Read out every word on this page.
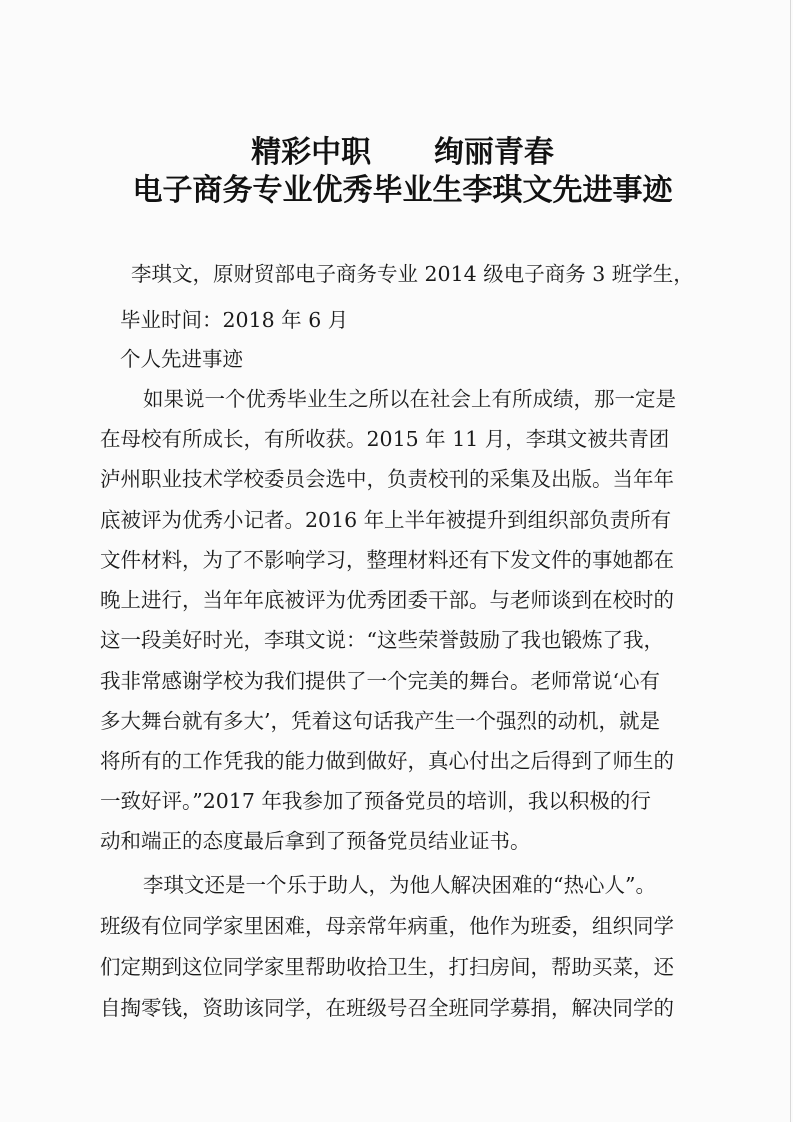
精彩中职      绚丽青春
电子商务专业优秀毕业生李琪文先进事迹
李琪文，原财贸部电子商务专业 2014 级电子商务 3 班学生，
毕业时间：2018 年 6 月
个人先进事迹
如果说一个优秀毕业生之所以在社会上有所成绩，那一定是
在母校有所成长，有所收获。2015 年 11 月，李琪文被共青团
泸州职业技术学校委员会选中，负责校刊的采集及出版。当年年
底被评为优秀小记者。2016 年上半年被提升到组织部负责所有
文件材料，为了不影响学习，整理材料还有下发文件的事她都在
晚上进行，当年年底被评为优秀团委干部。与老师谈到在校时的
这一段美好时光，李琪文说：“这些荣誉鼓励了我也锻炼了我，
我非常感谢学校为我们提供了一个完美的舞台。老师常说‘心有
多大舞台就有多大’，凭着这句话我产生一个强烈的动机，就是
将所有的工作凭我的能力做到做好，真心付出之后得到了师生的
一致好评。”2017 年我参加了预备党员的培训，我以积极的行
动和端正的态度最后拿到了预备党员结业证书。
李琪文还是一个乐于助人，为他人解决困难的“热心人”。
班级有位同学家里困难，母亲常年病重，他作为班委，组织同学
们定期到这位同学家里帮助收拾卫生，打扫房间，帮助买菜，还
自掏零钱，资助该同学，在班级号召全班同学募捐，解决同学的
